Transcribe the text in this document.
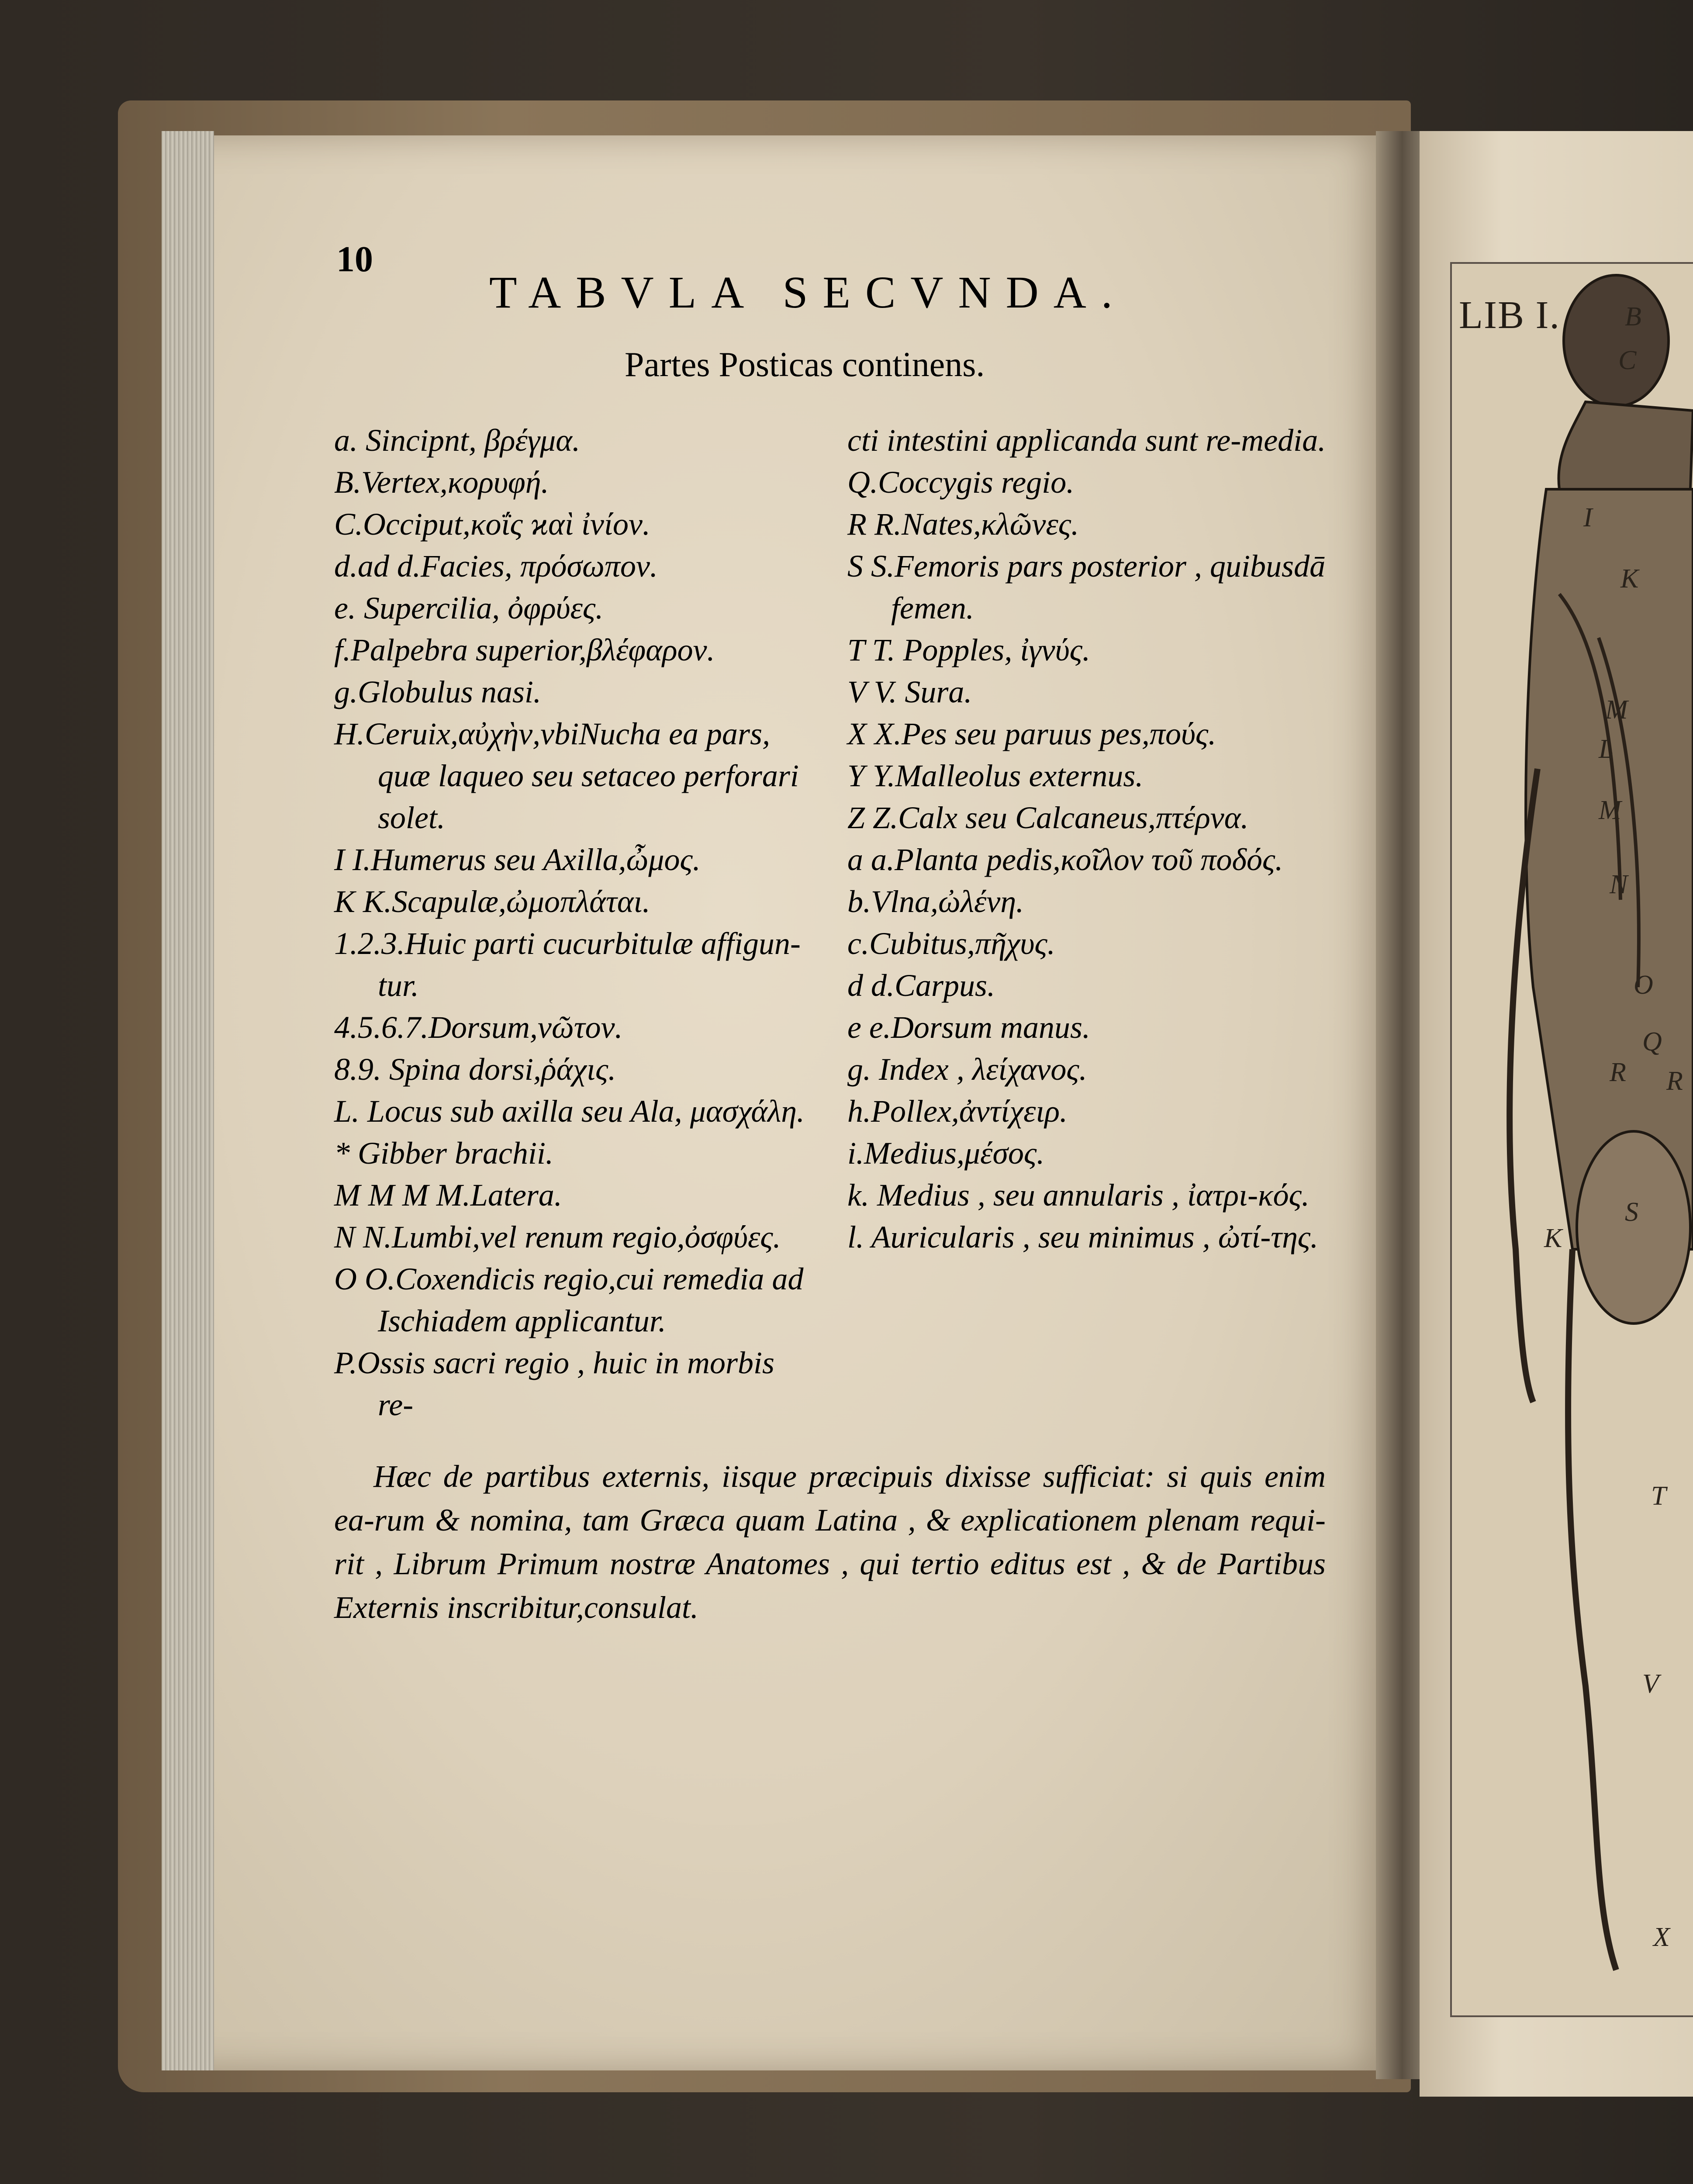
LIB I. B
C
I
K
L
M
M
N
O
R
Q
R
S
K
T
V
X
10
TABVLA SECVNDA.
Partes Posticas continens.
a. Sincipnt, βρέγμα.
B.Vertex,κορυφή.
C.Occiput,κοΐς ϰαὶ ἰνίον.
d.ad d.Facies, πρόσωπον.
e. Supercilia, ὀφρύες.
f.Palpebra superior,βλέφαρον.
g.Globulus nasi.
H.Ceruix,αὐχὴν,vbiNucha ea pars, quæ laqueo seu setaceo perforari solet.
I I.Humerus seu Axilla,ὦμος.
K K.Scapulæ,ὠμοπλάται.
1.2.3.Huic parti cucurbitulæ affigun-tur.
4.5.6.7.Dorsum,νῶτον.
8.9. Spina dorsi,ῥάχις.
L. Locus sub axilla seu Ala, μασχάλη.
* Gibber brachii.
M M M M.Latera.
N N.Lumbi,vel renum regio,ὀσφύες.
O O.Coxendicis regio,cui remedia ad Ischiadem applicantur.
P.Ossis sacri regio , huic in morbis re-
cti intestini applicanda sunt re-media.
Q.Coccygis regio.
R R.Nates,κλῶνες.
S S.Femoris pars posterior , quibusdā femen.
T T. Popples, ἰγνύς.
V V. Sura.
X X.Pes seu paruus pes,πούς.
Y Y.Malleolus externus.
Z Z.Calx seu Calcaneus,πτέρνα.
a a.Planta pedis,κοῖλον τοῦ ποδός.
b.Vlna,ὠλένη.
c.Cubitus,πῆχυς.
d d.Carpus.
e e.Dorsum manus.
g. Index , λείχανος.
h.Pollex,ἀντίχειρ.
i.Medius,μέσος.
k. Medius , seu annularis , ἰατρι-κός.
l. Auricularis , seu minimus , ὠτί-της.
Hæc de partibus externis, iisque præcipuis dixisse sufficiat: si quis enim ea-rum & nomina, tam Græca quam Latina , & explicationem plenam requi-rit , Librum Primum nostræ Anatomes , qui tertio editus est , & de Partibus Externis inscribitur,consulat.
